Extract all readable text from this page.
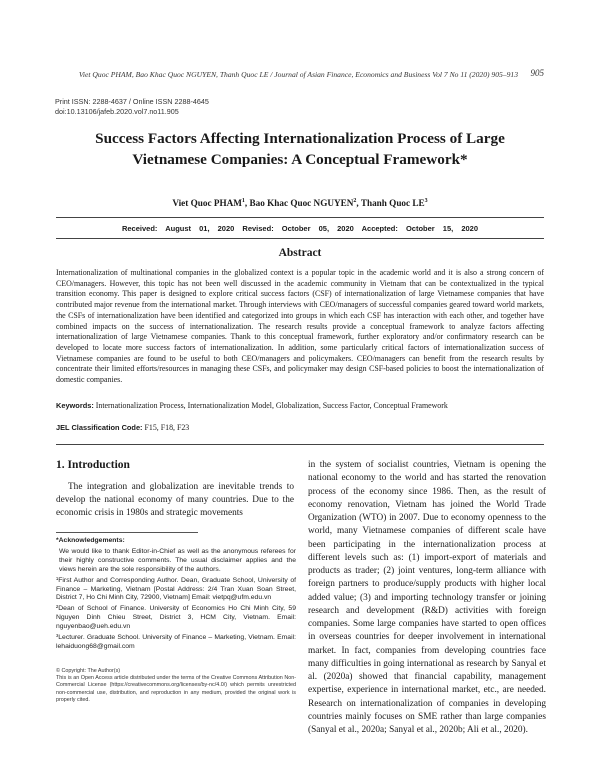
Viet Quoc PHAM, Bao Khac Quoc NGUYEN, Thanh Quoc LE / Journal of Asian Finance, Economics and Business Vol 7 No 11 (2020) 905–913 905
Print ISSN: 2288-4637 / Online ISSN 2288-4645
doi:10.13106/jafeb.2020.vol7.no11.905
Success Factors Affecting Internationalization Process of Large
Vietnamese Companies: A Conceptual Framework*
Viet Quoc PHAM$^1$, Bao Khac Quoc NGUYEN$^2$, Thanh Quoc $LE^3$
Received: August 01, 2020 Revised: October 05, 2020 Accepted: October 15, 2020
Abstract
Internationalization of multinational companies in the globalized context is a popular topic in the academic world and it is also a strong concern of CEO/managers. However, this topic has not been well discussed in the academic community in Vietnam that can be contextualized in the typical transition economy. This paper is designed to explore critical success factors (CSF) of internationalization of large Vietnamese companies that have contributed major revenue from the international market. Through interviews with CEO/managers of successful companies geared toward world markets, the CSFs of internationalization have been identified and categorized into groups in which each CSF has interaction with each other, and together have combined impacts on the success of internationalization. The research results provide a conceptual framework to analyze factors affecting internationalization of large Vietnamese companies. Thank to this conceptual framework, further exploratory and/or confirmatory research can be developed to locate more success factors of internationalization. In addition, some particularly critical factors of internationalization success of Vietnamese companies are found to be useful to both CEO/managers and policymakers. CEO/managers can benefit from the research results by concentrate their limited efforts/resources in managing these CSFs, and policymaker may design CSF-based policies to boost the internationalization of domestic companies.
Keywords: Internationalization Process, Internationalization Model, Globalization, Success Factor, Conceptual Framework
JEL Classification Code: F15, F18, F23
1. Introduction
The integration and globalization are inevitable trends to develop the national economy of many countries. Due to the economic crisis in 1980s and strategic movements
in the system of socialist countries, Vietnam is opening the national economy to the world and has started the renovation process of the economy since 1986. Then, as the result of economy renovation, Vietnam has joined the World Trade Organization (WTO) in 2007. Due to economy openness to the world, many Vietnamese companies of different scale have been participating in the internationalization process at different levels such as: (1) import-export of materials and products as trader; (2) joint ventures, long-term alliance with foreign partners to produce/supply products with higher local added value; (3) and importing technology transfer or joining research and development (R&D) activities with foreign companies. Some large companies have started to open offices in overseas countries for deeper involvement in international market. In fact, companies from developing countries face many difficulties in going international as research by Sanyal et al. (2020a) showed that financial capability, management expertise, experience in international market, etc., are needed. Research on internationalization of companies in developing countries mainly focuses on SME rather than large companies (Sanyal et al., 2020a; Sanyal et al., 2020b; Ali et al., 2020).

*Acknowledgements:

We would like to thank Editor-in-Chief as well as the anonymous referees for their highly constructive comments. The usual disclaimer applies and the views herein are the sole responsibility of the authors.

¹First Author and Corresponding Author. Dean, Graduate School, University of Finance – Marketing, Vietnam [Postal Address: 2/4 Tran Xuan Soan Street, District 7, Ho Chi Minh City, 72900, Vietnam] Email: vietpq@ufm.edu.vn

²Dean of School of Finance. University of Economics Ho Chi Minh City, 59 Nguyen Dinh Chieu Street, District 3, HCM City, Vietnam. Email: nguyenbao@ueh.edu.vn

³Lecturer. Graduate School. University of Finance – Marketing, Vietnam. Email: lehaiduong68@gmail.com

© Copyright: The Author(s)
This is an Open Access article distributed under the terms of the Creative Commons Attribution Non-Commercial License (https://creativecommons.org/licenses/by-nc/4.0/) which permits unrestricted non-commercial use, distribution, and reproduction in any medium, provided the original work is properly cited.
